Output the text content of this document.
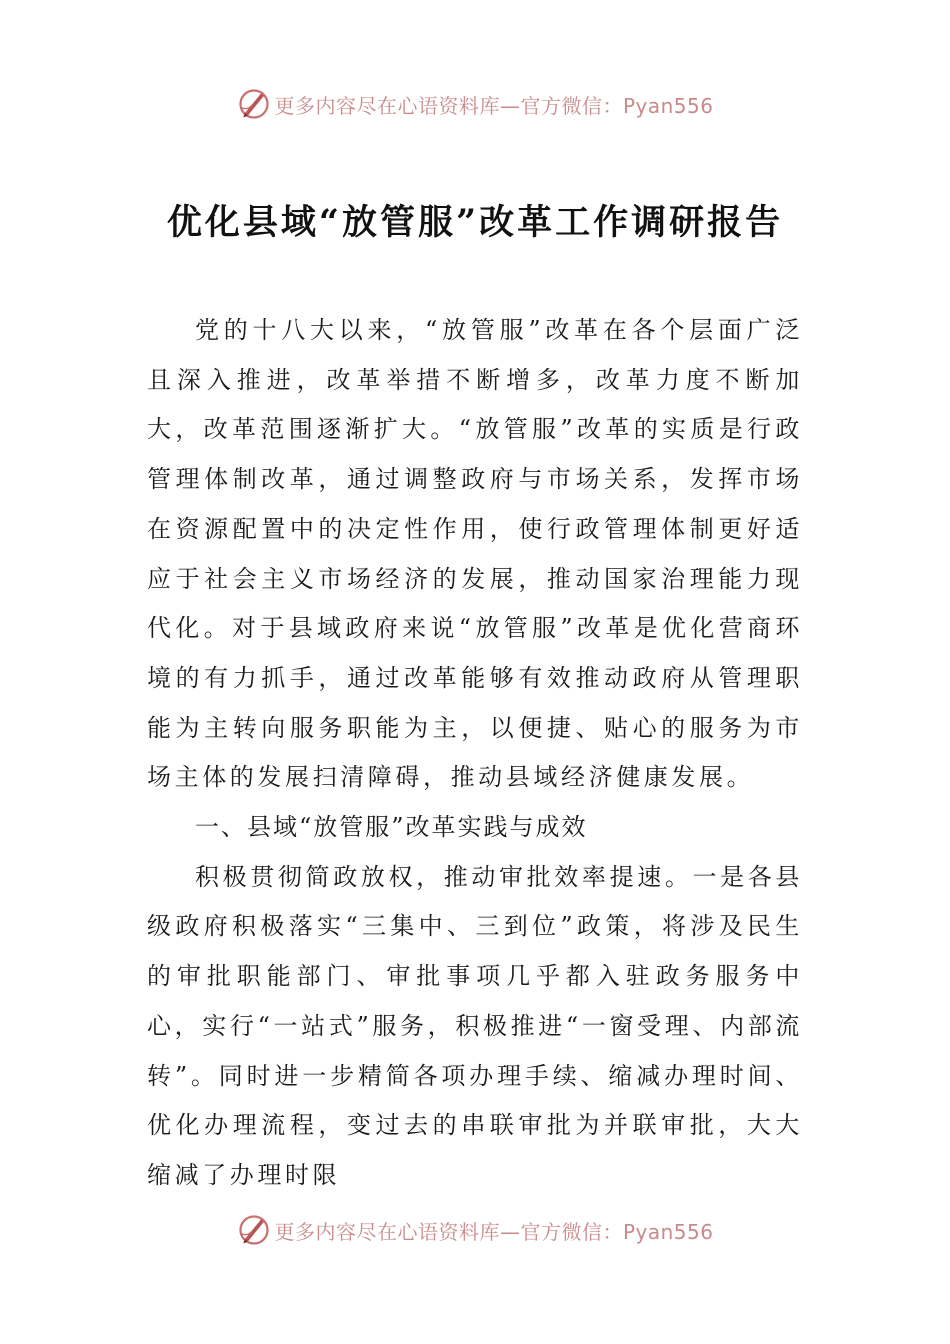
更多内容尽在心语资料库—官方微信：Pyan556
优化县域“放管服”改革工作调研报告

党的十八大以来，“放管服”改革在各个层面广泛且深入推进，改革举措不断增多，改革力度不断加大，改革范围逐渐扩大。“放管服”改革的实质是行政管理体制改革，通过调整政府与市场关系，发挥市场在资源配置中的决定性作用，使行政管理体制更好适应于社会主义市场经济的发展，推动国家治理能力现代化。对于县域政府来说“放管服”改革是优化营商环境的有力抓手，通过改革能够有效推动政府从管理职能为主转向服务职能为主，以便捷、贴心的服务为市场主体的发展扫清障碍，推动县域经济健康发展。

一、县域“放管服”改革实践与成效

积极贯彻简政放权，推动审批效率提速。一是各县级政府积极落实“三集中、三到位”政策，将涉及民生的审批职能部门、审批事项几乎都入驻政务服务中心，实行“一站式”服务，积极推进“一窗受理、内部流转”。同时进一步精简各项办理手续、缩减办理时间、优化办理流程，变过去的串联审批为并联审批，大大缩减了办理时限

更多内容尽在心语资料库—官方微信：Pyan556
